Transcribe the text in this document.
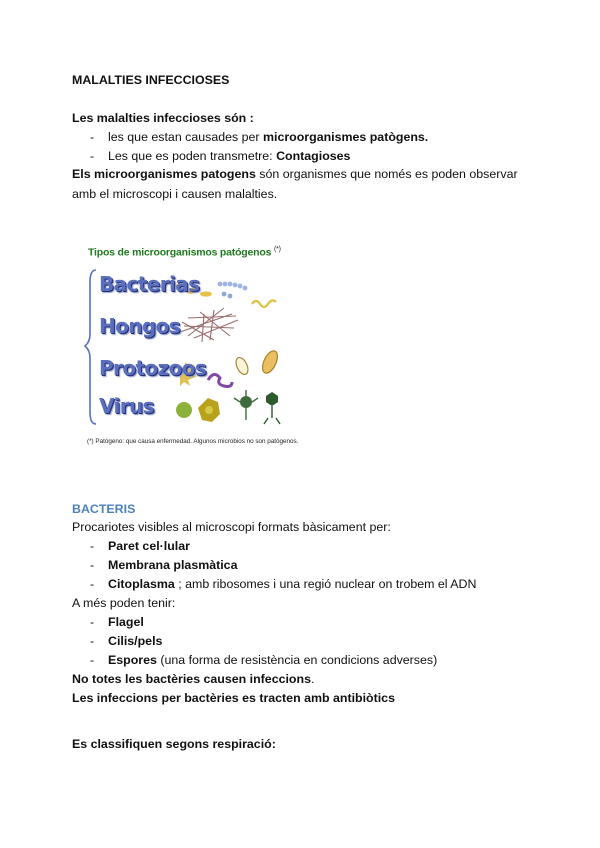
MALALTIES INFECCIOSES
Les malalties infeccioses són :
- les que estan causades per microorganismes patògens.
- Les que es poden transmetre: Contagioses
Els microorganismes patogens són organismes que només es poden observar
amb el microscopi i causen malalties.
Tipos de microorganismos patógenos (*)
Bacterias
Hongos
Protozoos
Virus
(*) Patógeno: que causa enfermedad. Algunos microbios no son patógenos.
BACTERIS
Procariotes visibles al microscopi formats bàsicament per:
- Paret cel·lular
- Membrana plasmàtica
- Citoplasma ; amb ribosomes i una regió nuclear on trobem el ADN
A més poden tenir:
- Flagel
- Cilis/pels
- Espores (una forma de resistència en condicions adverses)
No totes les bactèries causen infeccions.
Les infeccions per bactèries es tracten amb antibiòtics
Es classifiquen segons respiració:
